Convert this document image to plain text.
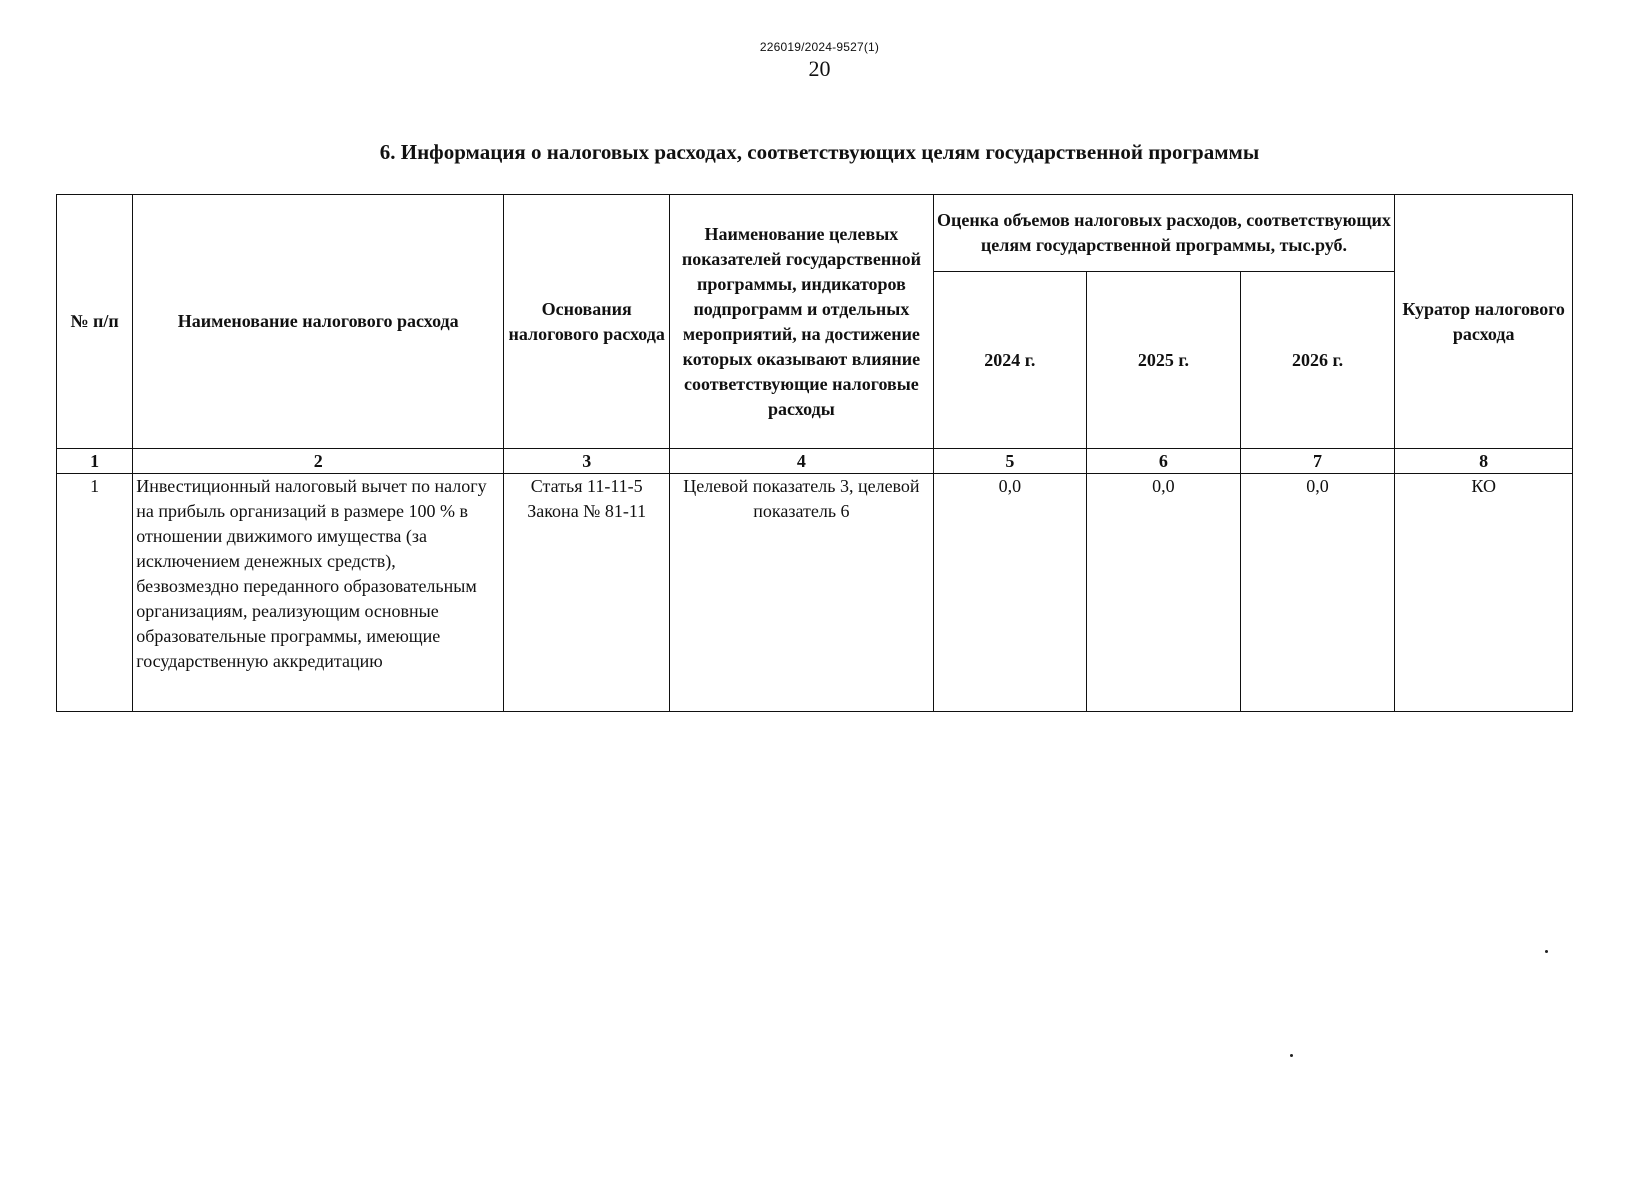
226019/2024-9527(1)
20
6. Информация о налоговых расходах, соответствующих целям государственной программы
№ п/п	Наименование налогового расхода	Основания налогового расхода	Наименование целевых показателей государственной программы, индикаторов подпрограмм и отдельных мероприятий, на достижение которых оказывают влияние соответствующие налоговые расходы	Оценка объемов налоговых расходов, соответствующих целям государственной программы, тыс.руб.			Куратор налогового расхода
				2024 г.	2025 г.	2026 г.	
1	2	3	4	5	6	7	8
1	Инвестиционный налоговый вычет по налогу на прибыль организаций в размере 100 % в отношении движимого имущества (за исключением денежных средств), безвозмездно переданного образовательным организациям, реализующим основные образовательные программы, имеющие государственную аккредитацию	Статья 11-11-5 Закона № 81-11	Целевой показатель 3, целевой показатель 6	0,0	0,0	0,0	КО
